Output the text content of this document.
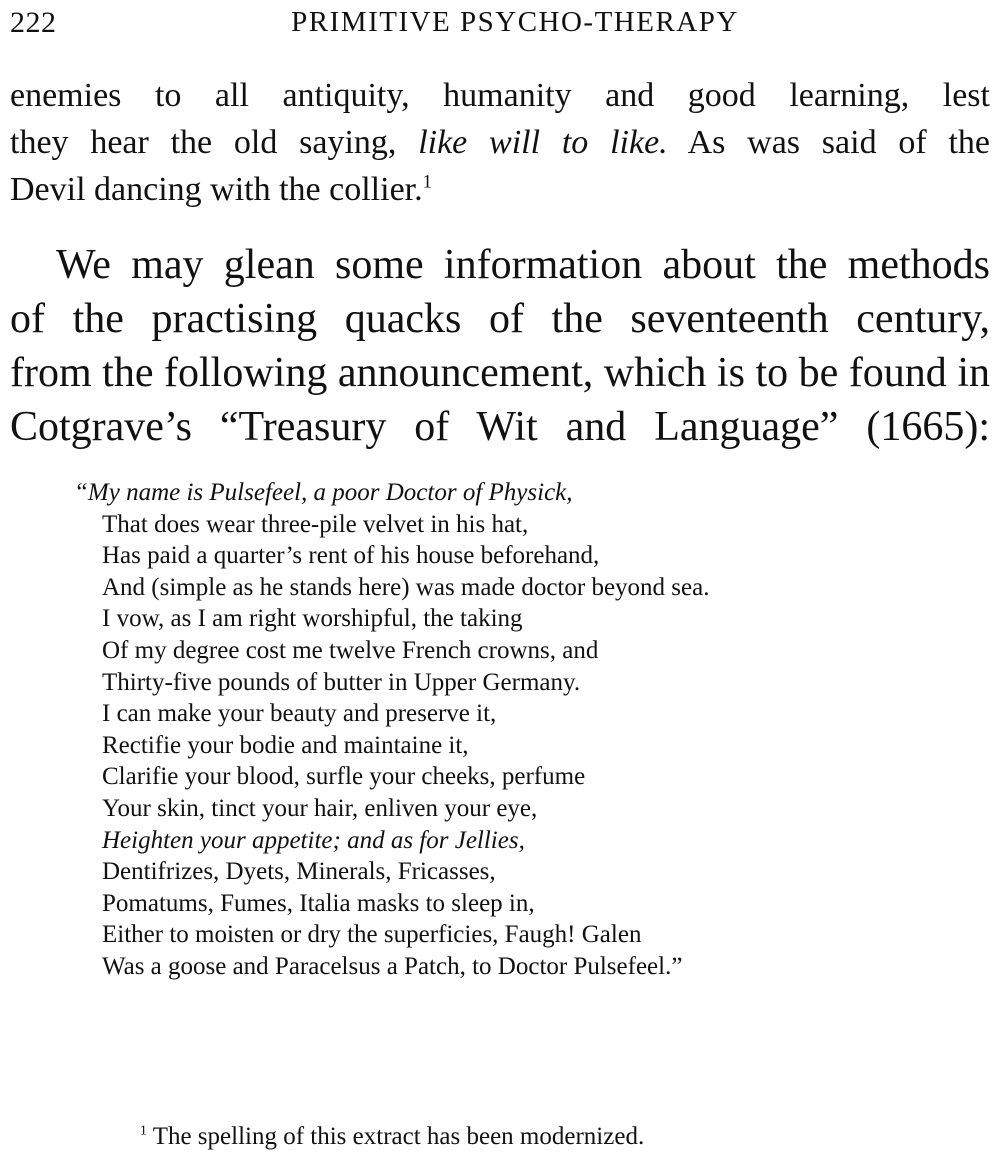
222	PRIMITIVE PSYCHO-THERAPY
enemies to all antiquity, humanity and good learning, lest
they hear the old saying, like will to like. As was said of the
Devil dancing with the collier.$^1$
We may glean some information about the methods
of the practising quacks of the seventeenth century,
from the following announcement, which is to be found in
Cotgrave’s “Treasury of Wit and Language” (1665):
“My name is Pulsefeel, a poor Doctor of Physick,
That does wear three-pile velvet in his hat,
Has paid a quarter’s rent of his house beforehand,
And (simple as he stands here) was made doctor beyond sea.
I vow, as I am right worshipful, the taking
Of my degree cost me twelve French crowns, and
Thirty-five pounds of butter in Upper Germany.
I can make your beauty and preserve it,
Rectifie your bodie and maintaine it,
Clarifie your blood, surfle your cheeks, perfume
Your skin, tinct your hair, enliven your eye,
Heighten your appetite; and as for Jellies,
Dentifrizes, Dyets, Minerals, Fricasses,
Pomatums, Fumes, Italia masks to sleep in,
Either to moisten or dry the superficies, Faugh! Galen
Was a goose and Paracelsus a Patch, to Doctor Pulsefeel.”
$^1$ The spelling of this extract has been modernized.
